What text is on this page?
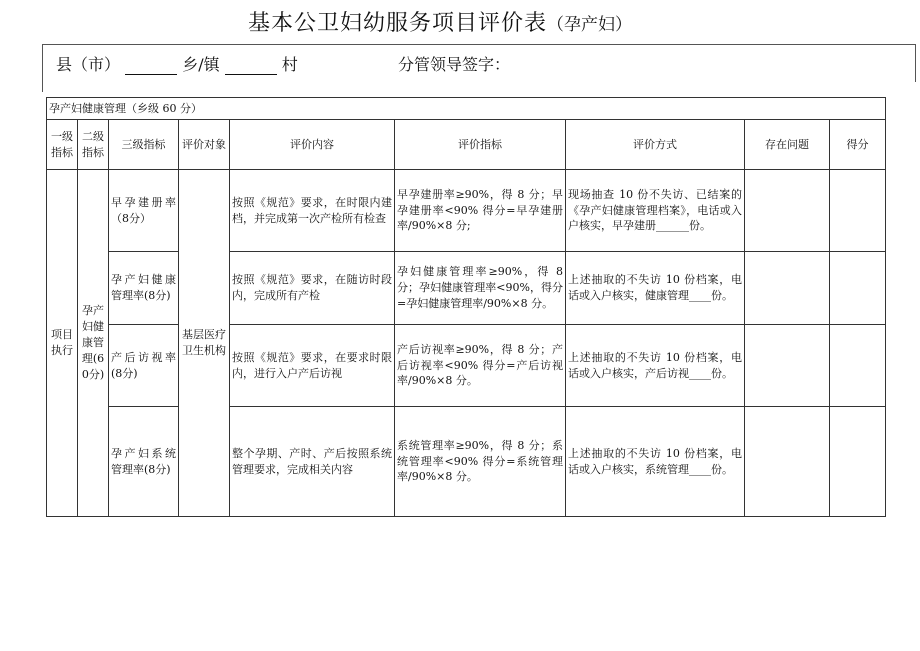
基本公卫妇幼服务项目评价表（孕产妇）
县（市）	乡/镇	村	分管领导签字：
孕产妇健康管理（乡级 60 分）								
一级指标	二级指标	三级指标	评价对象	评价内容	评价指标	评价方式	存在问题	得分
项目执行	孕产妇健康管理(60分)	早孕建册率（8分）	基层医疗卫生机构	按照《规范》要求，在时限内建档，并完成第一次产检所有检查	早孕建册率≥90%，得 8 分；早孕建册率<90% 得分=早孕建册率/90%×8 分;	现场抽查 10 份不失访、已结案的《孕产妇健康管理档案》，电话或入户核实，早孕建册______份。		
		孕产妇健康管理率(8分)		按照《规范》要求，在随访时段内，完成所有产检	孕妇健康管理率≥90%，得 8 分；孕妇健康管理率<90%，得分=孕妇健康管理率/90%×8 分。	上述抽取的不失访 10 份档案，电话或入户核实，健康管理____份。		
		产后访视率(8分)		按照《规范》要求，在要求时限内，进行入户产后访视	产后访视率≥90%，得 8 分；产后访视率<90% 得分=产后访视率/90%×8 分。	上述抽取的不失访 10 份档案，电话或入户核实，产后访视____份。		
		孕产妇系统管理率(8分)		整个孕期、产时、产后按照系统管理要求，完成相关内容	系统管理率≥90%，得 8 分；系统管理率<90% 得分=系统管理率/90%×8 分。	上述抽取的不失访 10 份档案，电话或入户核实，系统管理____份。		
